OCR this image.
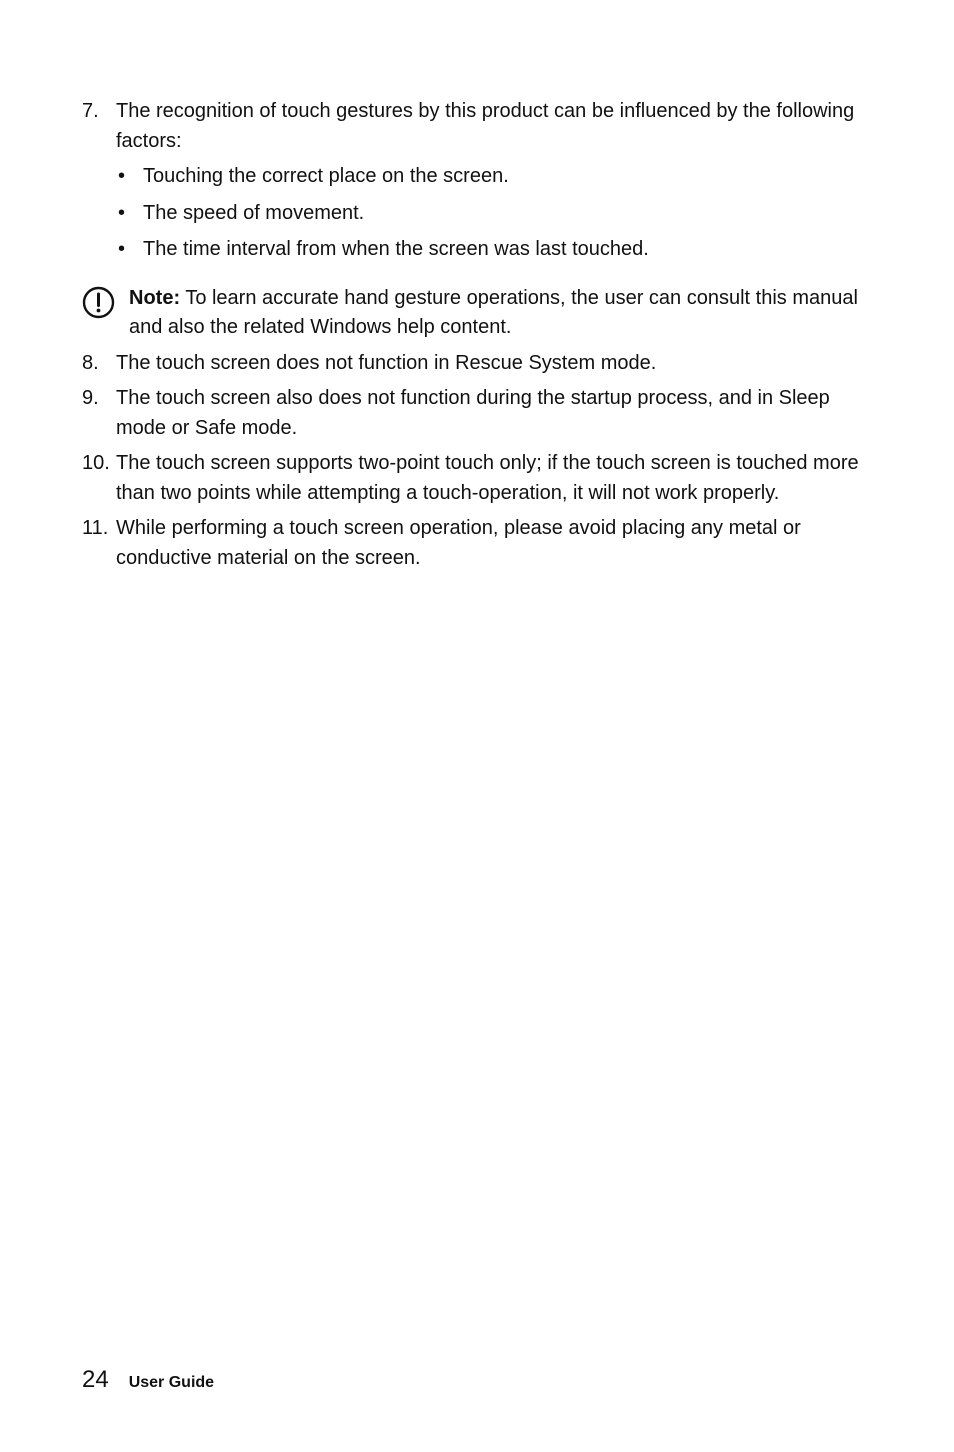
7. The recognition of touch gestures by this product can be influenced by the following factors:
• Touching the correct place on the screen.
• The speed of movement.
• The time interval from when the screen was last touched.
Note: To learn accurate hand gesture operations, the user can consult this manual and also the related Windows help content.
8. The touch screen does not function in Rescue System mode.
9. The touch screen also does not function during the startup process, and in Sleep mode or Safe mode.
10. The touch screen supports two-point touch only; if the touch screen is touched more than two points while attempting a touch-operation, it will not work properly.
11. While performing a touch screen operation, please avoid placing any metal or conductive material on the screen.
24 User Guide
